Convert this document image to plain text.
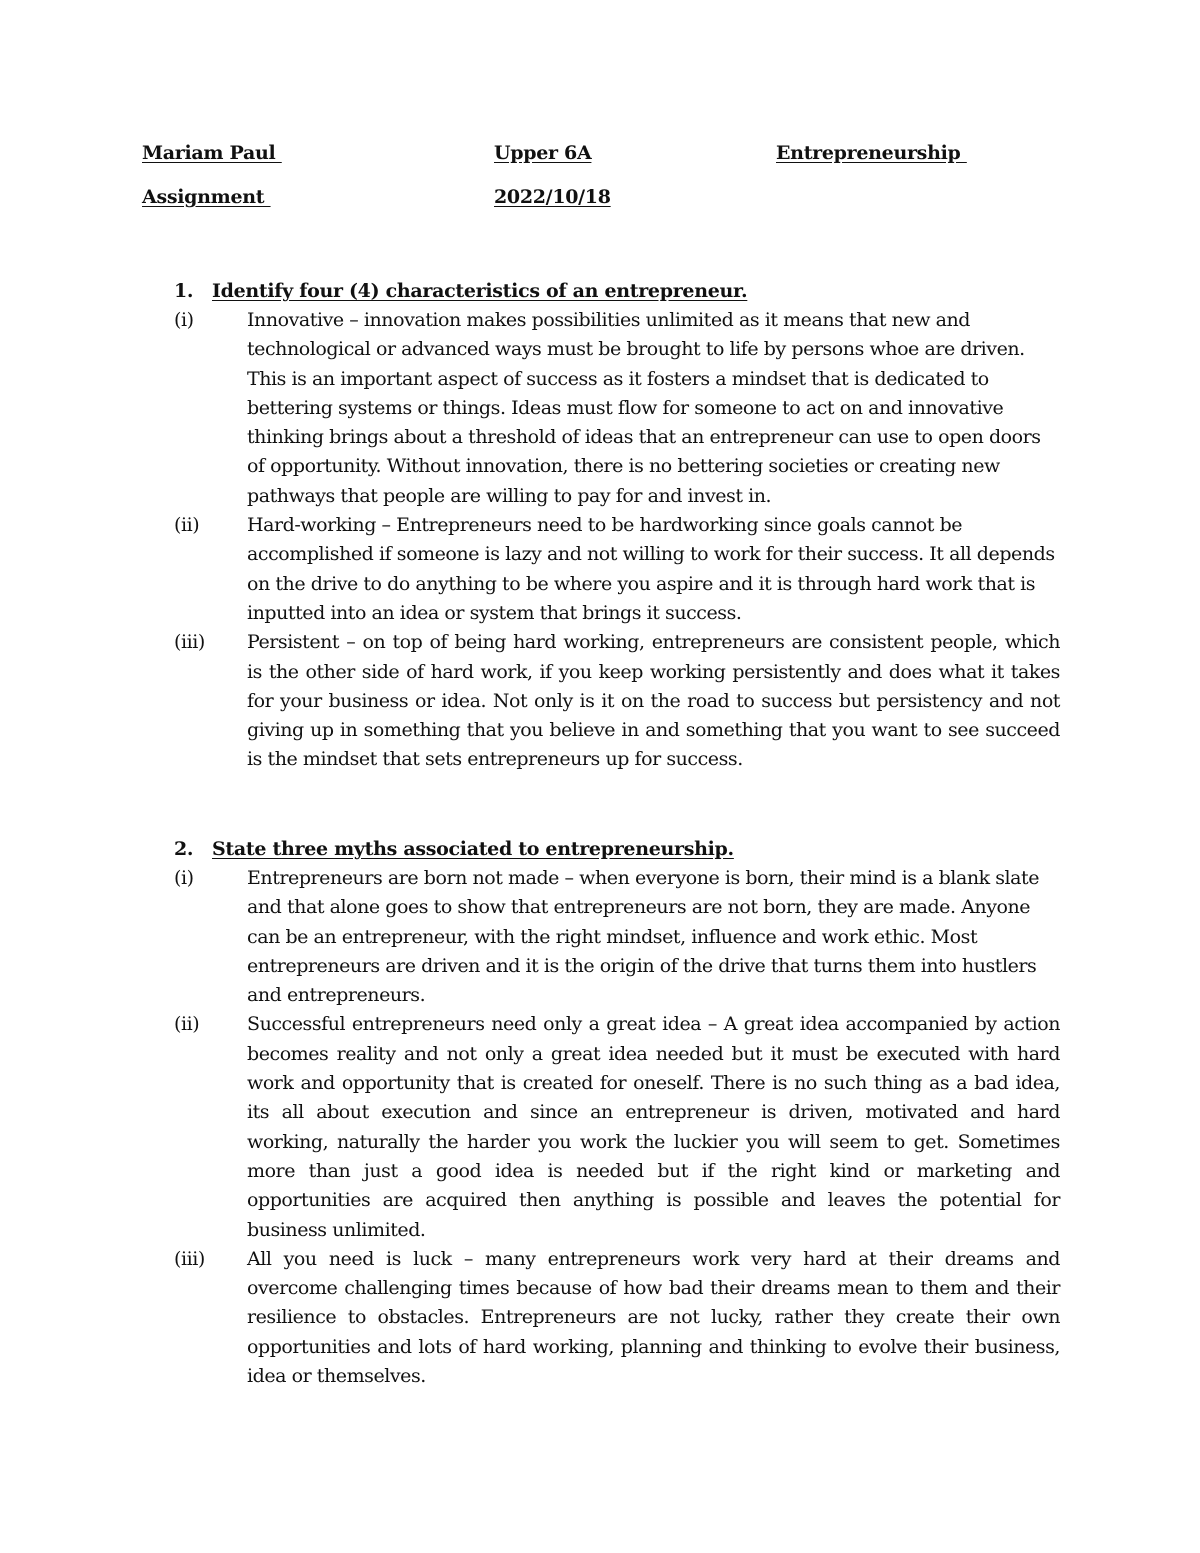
Mariam Paul	Upper 6A	Entrepreneurship
Assignment	2022/10/18
1. Identify four (4) characteristics of an entrepreneur.
(i)	Innovative – innovation makes possibilities unlimited as it means that new and technological or advanced ways must be brought to life by persons whoe are driven. This is an important aspect of success as it fosters a mindset that is dedicated to bettering systems or things. Ideas must flow for someone to act on and innovative thinking brings about a threshold of ideas that an entrepreneur can use to open doors of opportunity. Without innovation, there is no bettering societies or creating new pathways that people are willing to pay for and invest in.
(ii)	Hard-working – Entrepreneurs need to be hardworking since goals cannot be accomplished if someone is lazy and not willing to work for their success. It all depends on the drive to do anything to be where you aspire and it is through hard work that is inputted into an idea or system that brings it success.
(iii)	Persistent – on top of being hard working, entrepreneurs are consistent people, which is the other side of hard work, if you keep working persistently and does what it takes for your business or idea. Not only is it on the road to success but persistency and not giving up in something that you believe in and something that you want to see succeed is the mindset that sets entrepreneurs up for success.
2. State three myths associated to entrepreneurship.
(i)	Entrepreneurs are born not made – when everyone is born, their mind is a blank slate and that alone goes to show that entrepreneurs are not born, they are made. Anyone can be an entrepreneur, with the right mindset, influence and work ethic. Most entrepreneurs are driven and it is the origin of the drive that turns them into hustlers and entrepreneurs.
(ii)	Successful entrepreneurs need only a great idea – A great idea accompanied by action becomes reality and not only a great idea needed but it must be executed with hard work and opportunity that is created for oneself. There is no such thing as a bad idea, its all about execution and since an entrepreneur is driven, motivated and hard working, naturally the harder you work the luckier you will seem to get. Sometimes more than just a good idea is needed but if the right kind or marketing and opportunities are acquired then anything is possible and leaves the potential for business unlimited.
(iii)	All you need is luck – many entrepreneurs work very hard at their dreams and overcome challenging times because of how bad their dreams mean to them and their resilience to obstacles. Entrepreneurs are not lucky, rather they create their own opportunities and lots of hard working, planning and thinking to evolve their business, idea or themselves.
